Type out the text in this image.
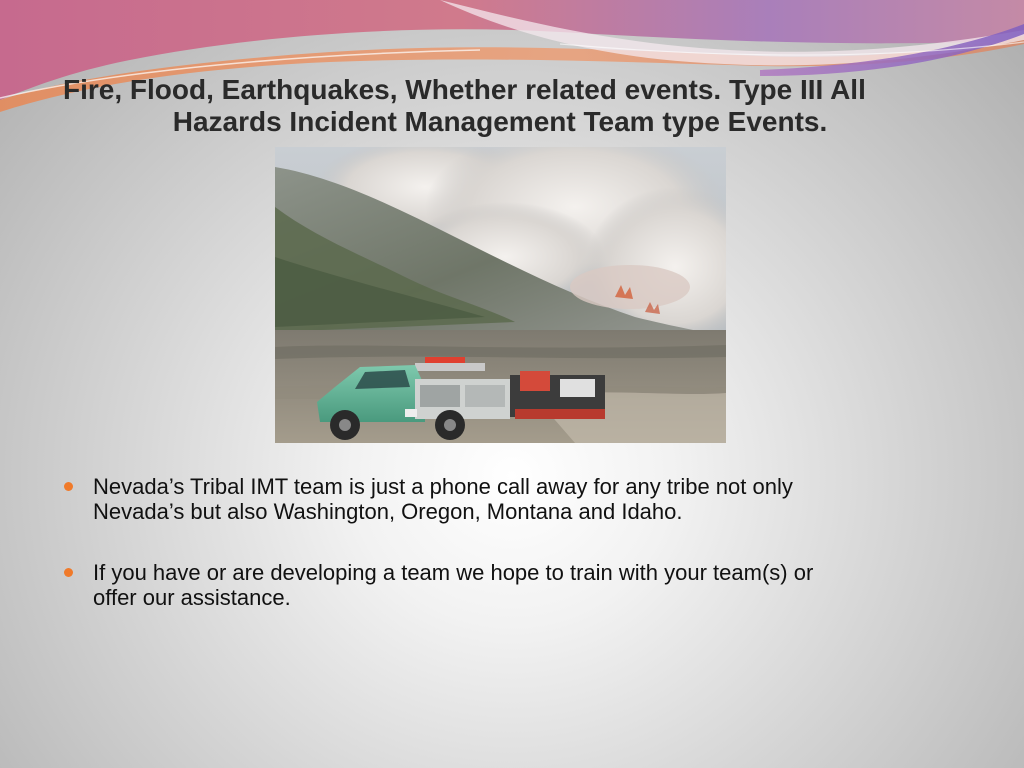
Fire, Flood, Earthquakes, Whether related events. Type III All
Hazards Incident Management Team type Events.
Nevada’s Tribal IMT team is just a phone call away for any tribe not only
Nevada’s but also Washington, Oregon, Montana and Idaho.
If you have or are developing a team we hope to train with your team(s) or
offer our assistance.
